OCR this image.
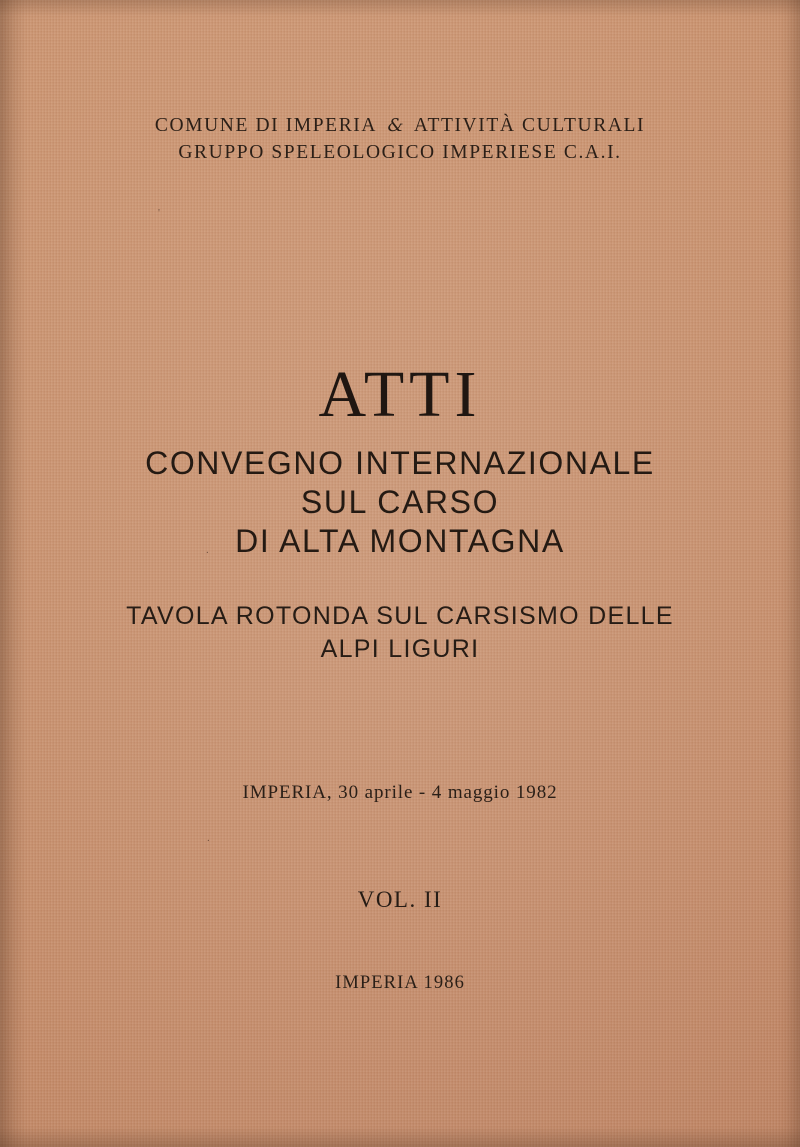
COMUNE DI IMPERIA & ATTIVITÀ CULTURALI
GRUPPO SPELEOLOGICO IMPERIESE C.A.I.
'
.
.
ATTI
CONVEGNO INTERNAZIONALE
SUL CARSO
DI ALTA MONTAGNA
TAVOLA ROTONDA SUL CARSISMO DELLE
ALPI LIGURI
IMPERIA, 30 aprile - 4 maggio 1982
VOL. II
IMPERIA 1986
